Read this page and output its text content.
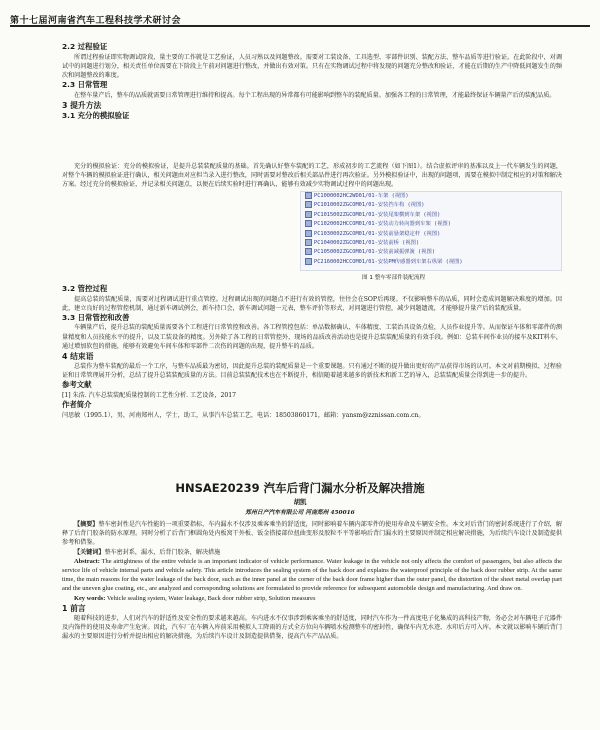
第十七届河南省汽车工程科技学术研讨会
2.2 过程验证

所谓过程验证即实物调试阶段，量主要的工作就是工艺验证，人员习熟以及问题整改。需要对工装设备、工具选型、零部件识别、装配方法、整车品质等进行验证。在此阶段中，对调试中的问题进行划分，相关责任单位需要在下阶段上午前对问题进行整改，并做出有效对策。只有在实物调试过程中将发现的问题充分整改和验证，才能在后期的生产中降低问题发生的频次和问题整改的难度。

2.3 日常管理

在整车量产后，整车的品质就需要日常管理进行维持和提高。每个工程出现的异常都有可能影响到整车的装配质量。加强各工程的日常管理，才能最终保证车辆量产后的装配品质。

3 提升方法
3.1 充分的模拟验证

充分的模拟验证：充分的模拟验证，是提升总装装配质量的基础。首先确认好整车装配的工艺，形成初步的工艺流程（如下图1）。结合虚拟评审的基准以及上一代车辆发生的问题，对整个车辆的模拟验证进行确认，相关问题由对应担当录入进行整改，同时需要对整改后相关部品件进行再次验证。另外模拟验证中，出现的问题项，需要在模拟中制定相应的对策和解决方案。经过充分的模拟验证，并记录相关问题点，以便在后续实验时进行再确认，能够有效减少实物调试过程中的问题出现。

PC1000002HC2WD01/01-车架 (视图)
PC1010002ZGCOM01/01-安装挡车构 (视图)
PC1015002ZGCOM01/01-安装尾架横到车架 (视图)
PC1020002HCCOM01/01-安装动力转向器到车架 (视图)
PC1030002ZGCOM01/01-安装前悬架稳定杆 (视图)
PC1040002ZGCOM01/01-安装前桥 (视图)
PC1050002ZGCOM01/01-安装前减振弹簧 (视图)
PC2160002HCCOM01/01-安装PM传感器到车架右纵梁 (视图)
图 1 整车零部件装配流程
3.2 管控过程

提高总装的装配质量，需要对过程调试进行重点管控。过程调试出现的问题点不进行有效的管控，往往会在SOP后再现。不仅影响整车的品质，同时会造成问题解决难度的增加。因此，建立良好的过程管控机制，通过新车调试例会，新车持口会，新车调试问题一元表，整车评价等形式，对问题进行管控，减少问题遗流，才能够提升量产后的装配质量。

3.3 日常管控和改善

车辆量产后，提升总装的装配质量需要各个工程进行日常管控和改善。各工程管控包括：单品数据确认、车体精度、工装治具设备点检，人员作业提升等。从而保证车体和零部件的测量精度和人员技能水平的提升，以及工装设备的精度。另外除了各工程的日常管控外，现场的品质改善活动也是提升总装装配质量的有效手段。例如：总装车间作业员的接车及KIT料车，通过增加软包的措施，能够有效避免车间车体和零部件二次伤的问题的出现，提升整车的品质。

4 结束语

总装作为整车装配的最后一个工序，与整车品质最为密切，因此提升总装的装配质量是一个重要课题。只有通过不断的提升做出更好的产品获得市场的认可。本文对前期模拟、过程验证和日常管理展开分析，总结了提升总装装配质量的方法。目前总装装配技术也在不断提升，相信随着越来越多的新技术和新工艺的导入，总装装配质量会得到进一步的提升。

参考文献

[1] 朱浩. 汽车总装装配质量控制的工艺性分析. 工艺设备，2017

作者简介

闫思敏（1995.1），男，河南郑州人，学士，助工，从事汽车总装工艺，电话：18503860171，邮箱：yansm@zznissan.com.cn。

HNSAE20239 汽车后背门漏水分析及解决措施
胡凯
郑州日产汽车有限公司 河南郑州 450016

【摘要】整车密封性是汽车性能的一项重要指标，车内漏水不仅涉及乘客乘坐的舒适度，同时影响着车辆内部零件的使用寿命及车辆安全性。本文对后背门的密封系统进行了介绍，解释了后背门胶条的防水原理。同时分析了后背门框圆角处内板窝干外板、钣金搭接部位扭曲变形及胶粒不平等影响后背门漏水的主要原因并制定相应解决措施，为后续汽车设计及制造提供参考和借鉴。

【关键词】整车密封系，漏水，后背门胶条，解决措施

Abstract: The airtightness of the entire vehicle is an important indicator of vehicle performance. Water leakage in the vehicle not only affects the comfort of passengers, but also affects the service life of vehicle internal parts and vehicle safety. This article introduces the sealing system of the back door and explains the waterproof principle of the back door rubber strip. At the same time, the main reasons for the water leakage of the back door, such as the inner panel at the corner of the back door frame higher than the outer panel, the distortion of the sheet metal overlap part and the uneven glue coating, etc., are analyzed and corresponding solutions are formulated to provide reference for subsequent automobile design and manufacturing. And draw on.

Key words: Vehicle sealing system, Water leakage, Back door rubber strip, Solution measures

1 前言

随着科技的进步，人们对汽车的舒适性及安全性的要求越来越高。车内进水不仅事涉到乘客乘坐的舒适度，同时汽车作为一件高度电子化集成的高科技产物，务必会对车辆电子元器件及内饰件的使用及寿命产生危害。因此，汽车厂在车辆入库前采用模拟人工降雨的方式全方位向车辆喷水检测整车的密封性，确保车内无水迹、水印后方可入库。本文就以影响车辆后背门漏水的主要原因进行分析并提出相应的解决措施，为后续汽车设计及制造提供借鉴，提高汽车产品品质。
